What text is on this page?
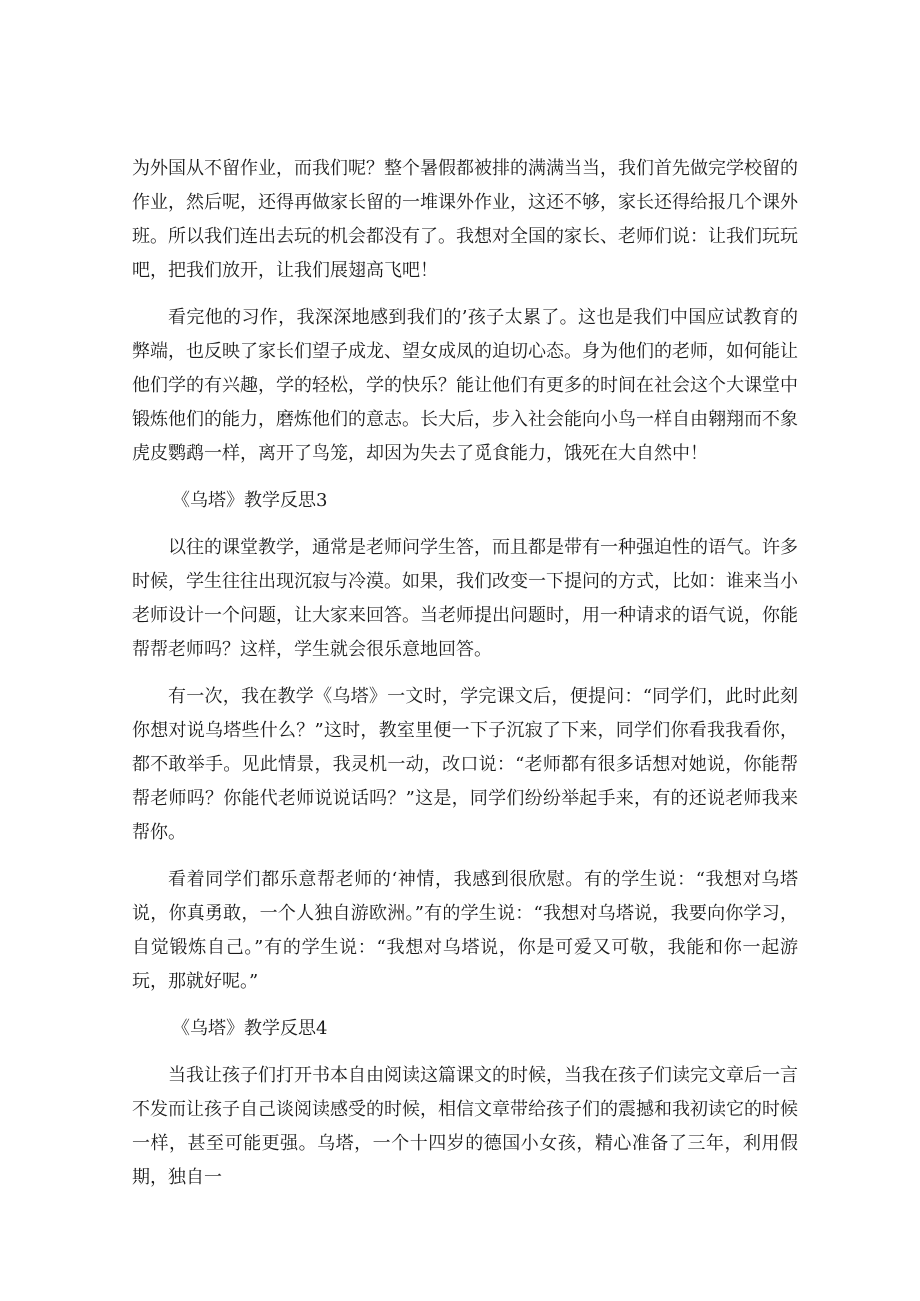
为外国从不留作业，而我们呢？整个暑假都被排的满满当当，我们首先做完学校留的作业，然后呢，还得再做家长留的一堆课外作业，这还不够，家长还得给报几个课外班。所以我们连出去玩的机会都没有了。我想对全国的家长、老师们说：让我们玩玩吧，把我们放开，让我们展翅高飞吧！

看完他的习作，我深深地感到我们的’孩子太累了。这也是我们中国应试教育的弊端，也反映了家长们望子成龙、望女成凤的迫切心态。身为他们的老师，如何能让他们学的有兴趣，学的轻松，学的快乐？能让他们有更多的时间在社会这个大课堂中锻炼他们的能力，磨炼他们的意志。长大后，步入社会能向小鸟一样自由翱翔而不象虎皮鹦鹉一样，离开了鸟笼，却因为失去了觅食能力，饿死在大自然中！

《乌塔》教学反思3

以往的课堂教学，通常是老师问学生答，而且都是带有一种强迫性的语气。许多时候，学生往往出现沉寂与冷漠。如果，我们改变一下提问的方式，比如：谁来当小老师设计一个问题，让大家来回答。当老师提出问题时，用一种请求的语气说，你能帮帮老师吗？这样，学生就会很乐意地回答。

有一次，我在教学《乌塔》一文时，学完课文后，便提问：“同学们，此时此刻你想对说乌塔些什么？”这时，教室里便一下子沉寂了下来，同学们你看我我看你，都不敢举手。见此情景，我灵机一动，改口说：“老师都有很多话想对她说，你能帮帮老师吗？你能代老师说说话吗？”这是，同学们纷纷举起手来，有的还说老师我来帮你。

看着同学们都乐意帮老师的‘神情，我感到很欣慰。有的学生说：“我想对乌塔说，你真勇敢，一个人独自游欧洲。”有的学生说：“我想对乌塔说，我要向你学习，自觉锻炼自己。”有的学生说：“我想对乌塔说，你是可爱又可敬，我能和你一起游玩，那就好呢。”

《乌塔》教学反思4

当我让孩子们打开书本自由阅读这篇课文的时候，当我在孩子们读完文章后一言不发而让孩子自己谈阅读感受的时候，相信文章带给孩子们的震撼和我初读它的时候一样，甚至可能更强。乌塔，一个十四岁的德国小女孩，精心准备了三年，利用假期，独自一
